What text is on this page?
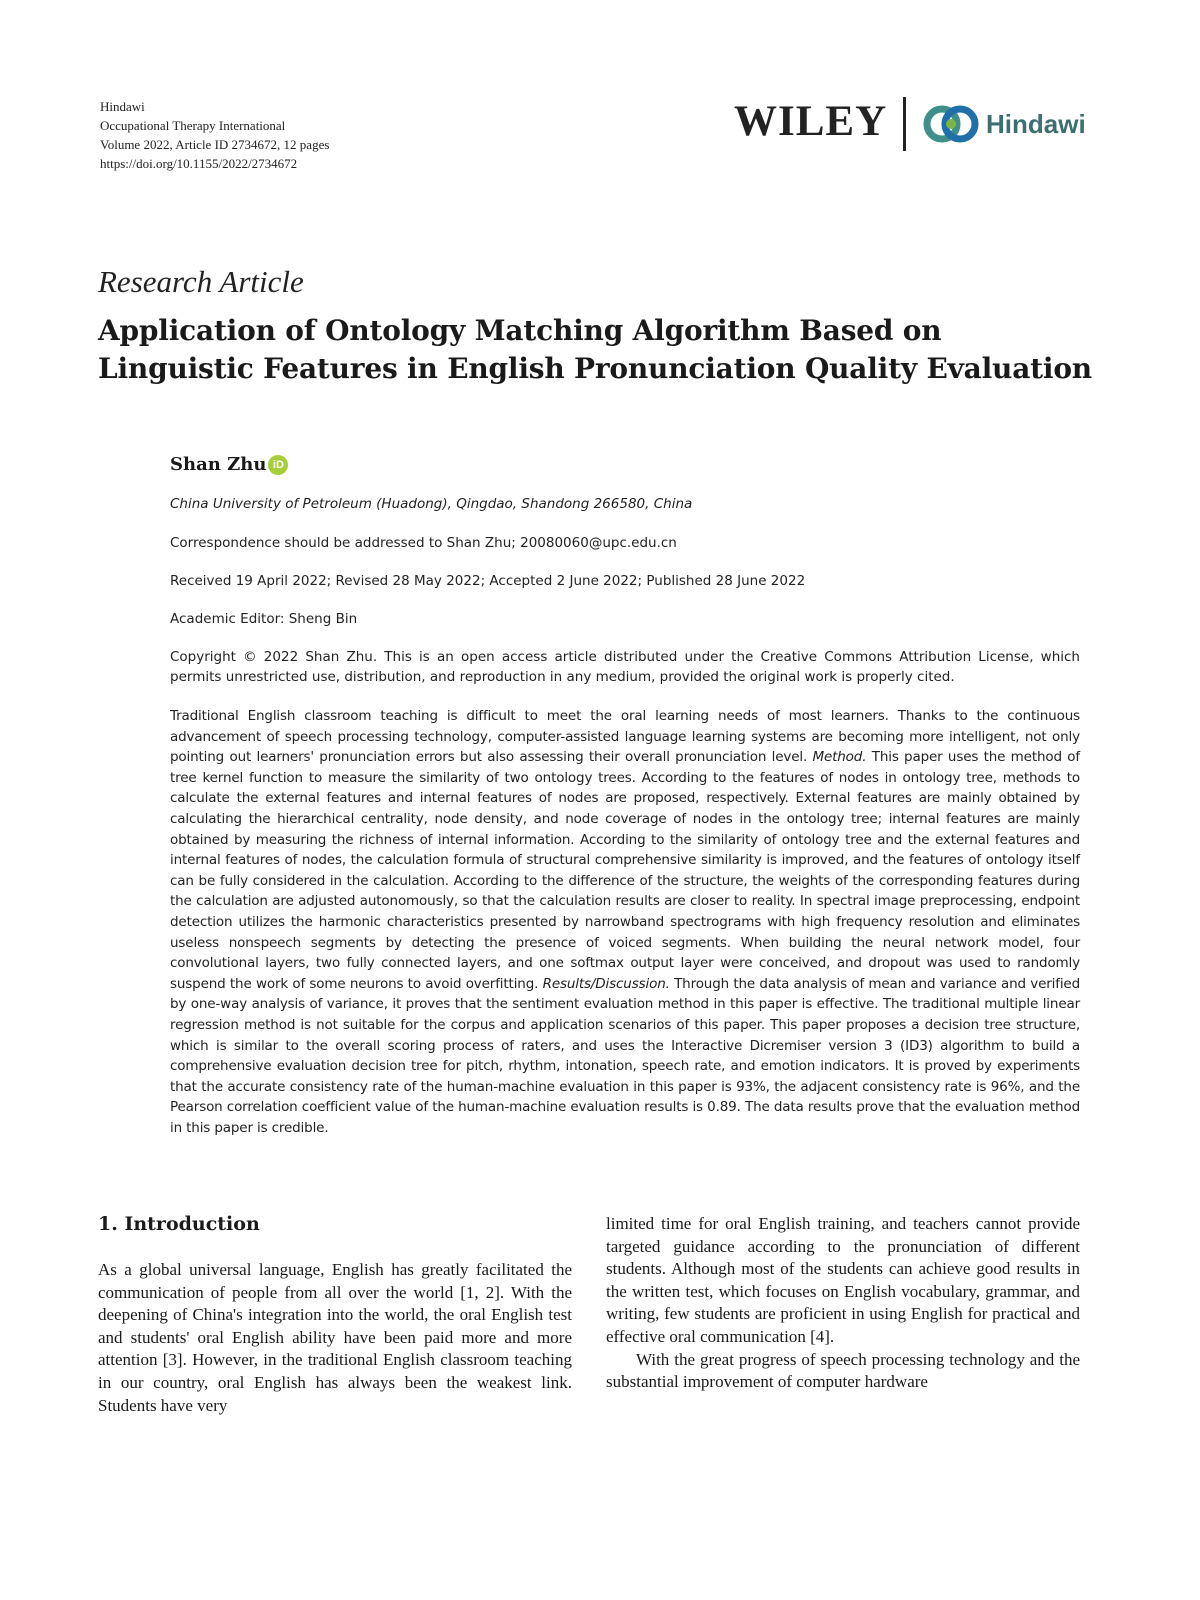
Hindawi
Occupational Therapy International
Volume 2022, Article ID 2734672, 12 pages
https://doi.org/10.1155/2022/2734672
WILEY	Hindawi
Research Article
Application of Ontology Matching Algorithm Based on Linguistic Features in English Pronunciation Quality Evaluation
Shan Zhu iD
China University of Petroleum (Huadong), Qingdao, Shandong 266580, China
Correspondence should be addressed to Shan Zhu; 20080060@upc.edu.cn
Received 19 April 2022; Revised 28 May 2022; Accepted 2 June 2022; Published 28 June 2022
Academic Editor: Sheng Bin
Copyright © 2022 Shan Zhu. This is an open access article distributed under the Creative Commons Attribution License, which permits unrestricted use, distribution, and reproduction in any medium, provided the original work is properly cited.
Traditional English classroom teaching is difficult to meet the oral learning needs of most learners. Thanks to the continuous advancement of speech processing technology, computer-assisted language learning systems are becoming more intelligent, not only pointing out learners' pronunciation errors but also assessing their overall pronunciation level. Method. This paper uses the method of tree kernel function to measure the similarity of two ontology trees. According to the features of nodes in ontology tree, methods to calculate the external features and internal features of nodes are proposed, respectively. External features are mainly obtained by calculating the hierarchical centrality, node density, and node coverage of nodes in the ontology tree; internal features are mainly obtained by measuring the richness of internal information. According to the similarity of ontology tree and the external features and internal features of nodes, the calculation formula of structural comprehensive similarity is improved, and the features of ontology itself can be fully considered in the calculation. According to the difference of the structure, the weights of the corresponding features during the calculation are adjusted autonomously, so that the calculation results are closer to reality. In spectral image preprocessing, endpoint detection utilizes the harmonic characteristics presented by narrowband spectrograms with high frequency resolution and eliminates useless nonspeech segments by detecting the presence of voiced segments. When building the neural network model, four convolutional layers, two fully connected layers, and one softmax output layer were conceived, and dropout was used to randomly suspend the work of some neurons to avoid overfitting. Results/Discussion. Through the data analysis of mean and variance and verified by one-way analysis of variance, it proves that the sentiment evaluation method in this paper is effective. The traditional multiple linear regression method is not suitable for the corpus and application scenarios of this paper. This paper proposes a decision tree structure, which is similar to the overall scoring process of raters, and uses the Interactive Dicremiser version 3 (ID3) algorithm to build a comprehensive evaluation decision tree for pitch, rhythm, intonation, speech rate, and emotion indicators. It is proved by experiments that the accurate consistency rate of the human-machine evaluation in this paper is 93%, the adjacent consistency rate is 96%, and the Pearson correlation coefficient value of the human-machine evaluation results is 0.89. The data results prove that the evaluation method in this paper is credible.
1. Introduction
As a global universal language, English has greatly facilitated the communication of people from all over the world [1, 2]. With the deepening of China's integration into the world, the oral English test and students' oral English ability have been paid more and more attention [3]. However, in the traditional English classroom teaching in our country, oral English has always been the weakest link. Students have very

limited time for oral English training, and teachers cannot provide targeted guidance according to the pronunciation of different students. Although most of the students can achieve good results in the written test, which focuses on English vocabulary, grammar, and writing, few students are proficient in using English for practical and effective oral communication [4].

With the great progress of speech processing technology and the substantial improvement of computer hardware
